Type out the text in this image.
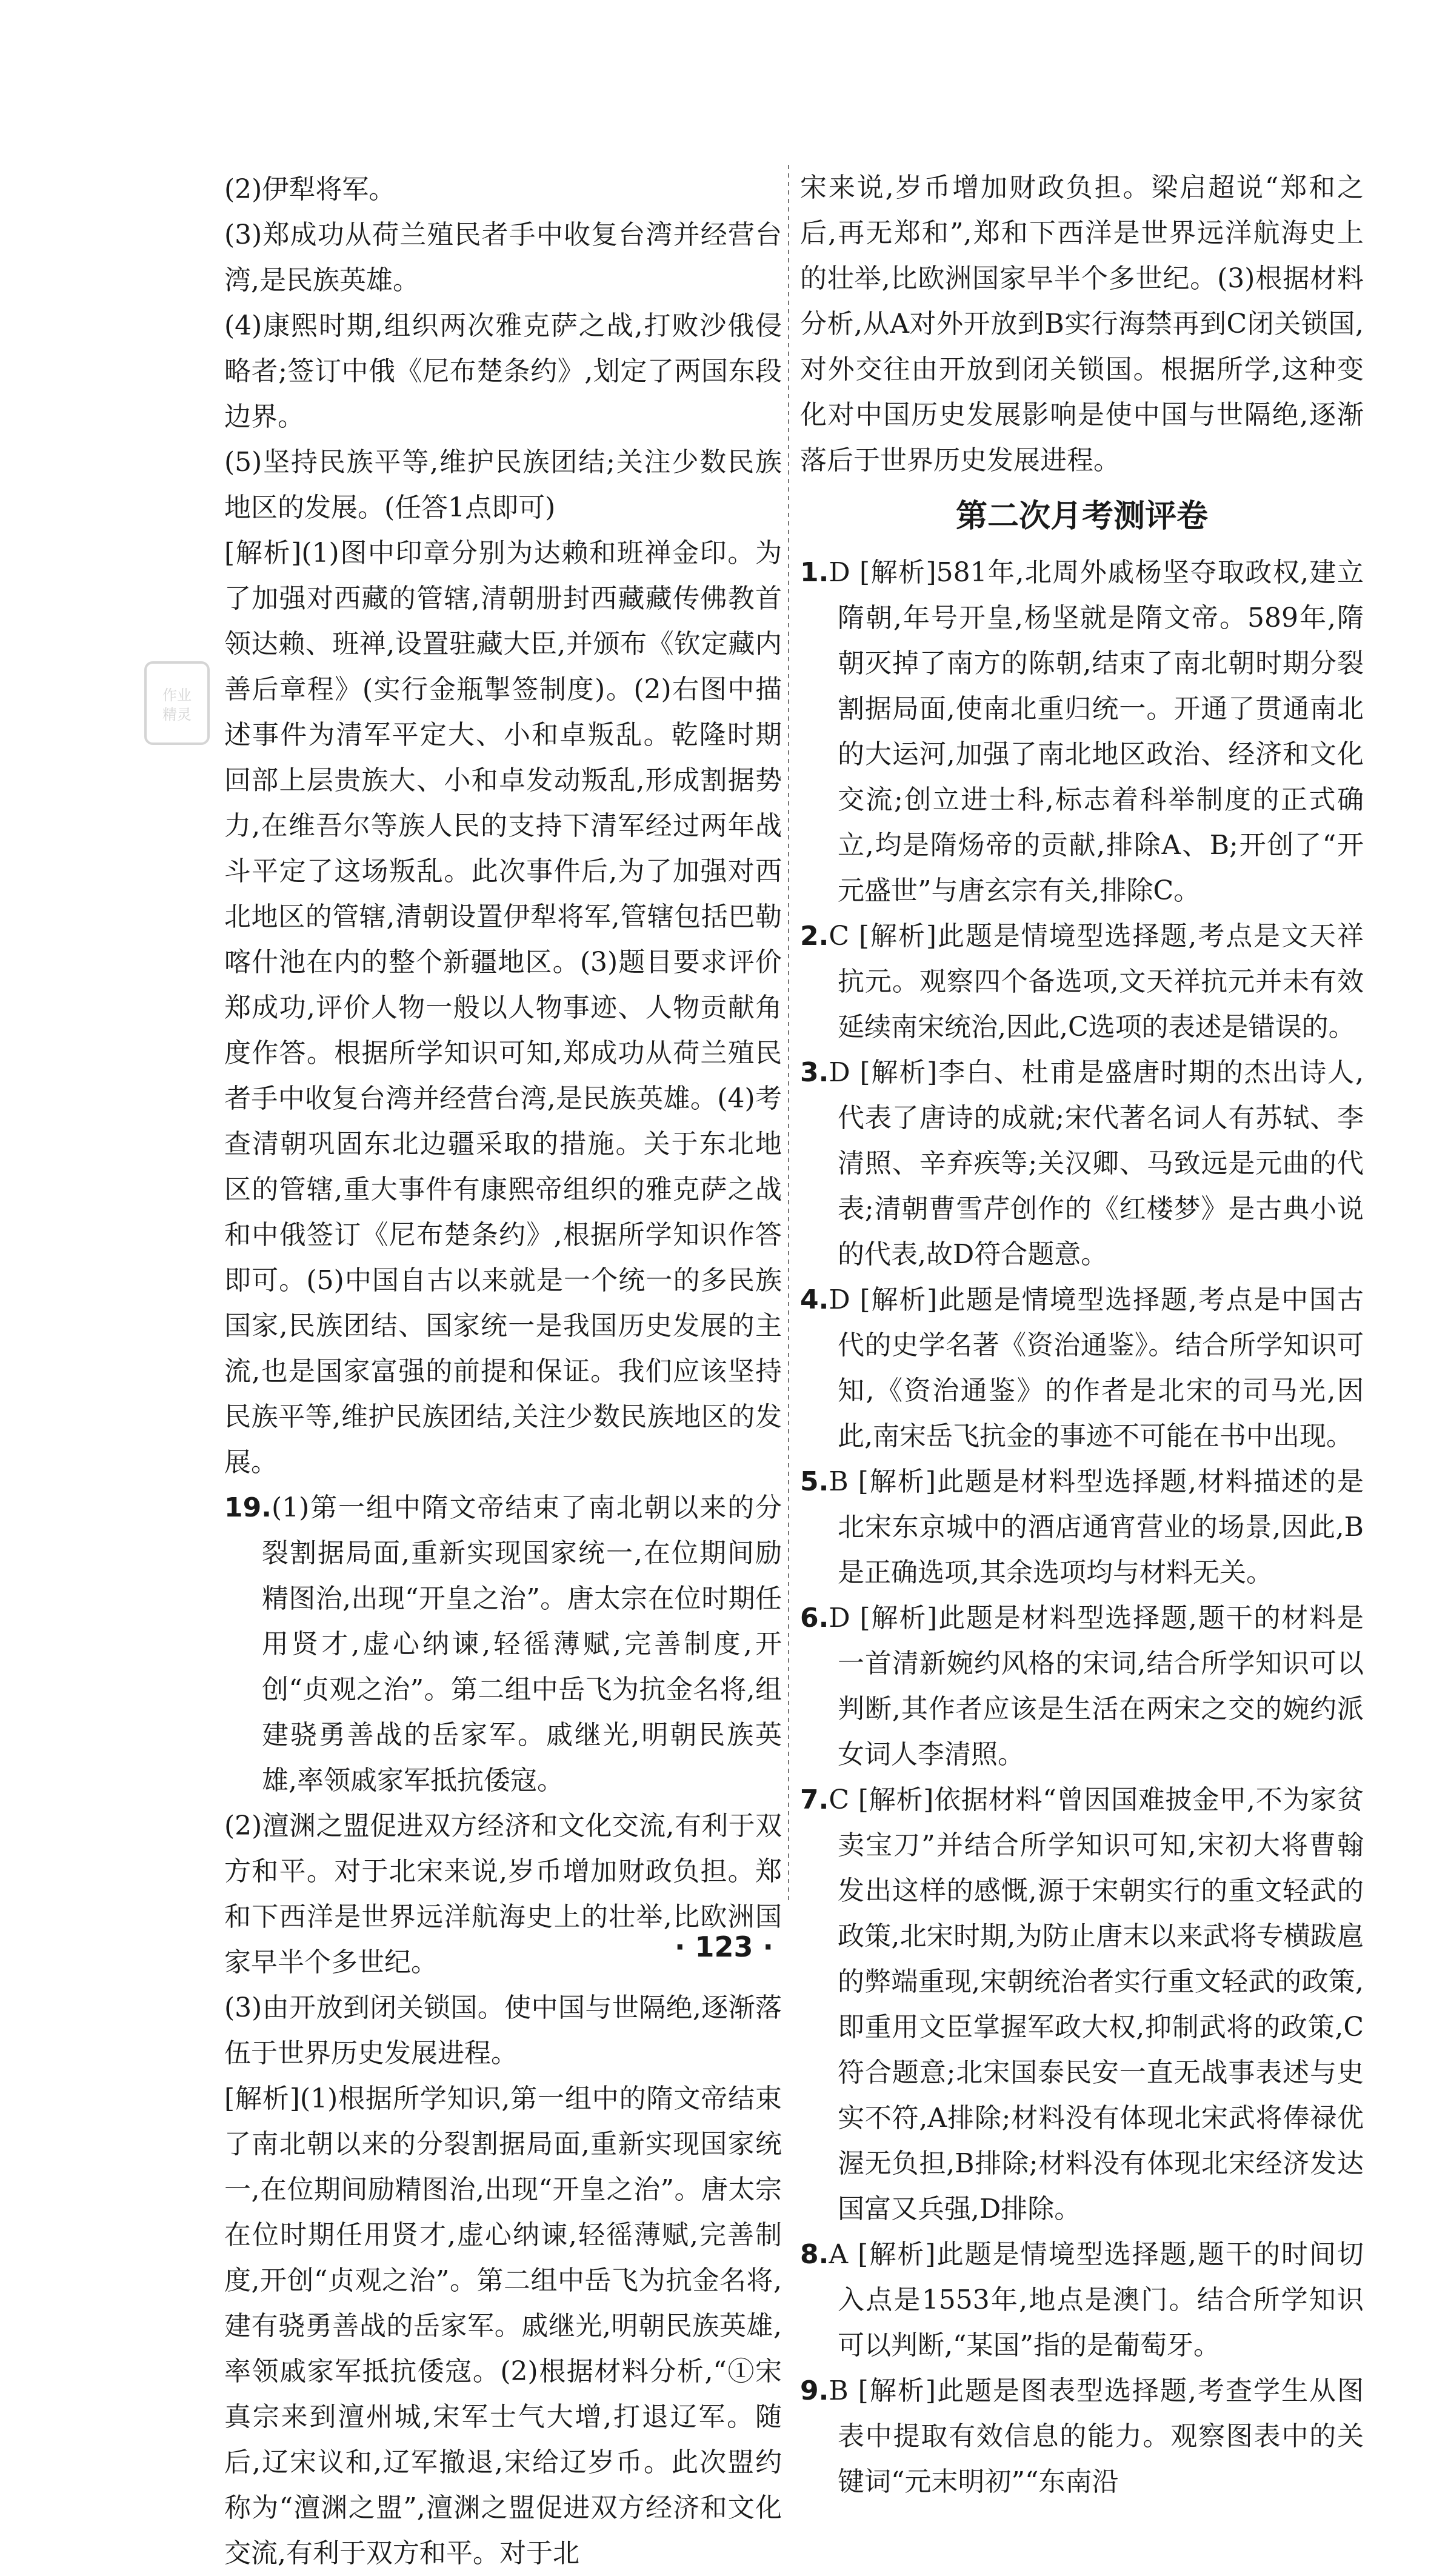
(2)伊犁将军。

(3)郑成功从荷兰殖民者手中收复台湾并经营台湾,是民族英雄。

(4)康熙时期,组织两次雅克萨之战,打败沙俄侵略者;签订中俄《尼布楚条约》,划定了两国东段边界。

(5)坚持民族平等,维护民族团结;关注少数民族地区的发展。(任答1点即可)

[解析](1)图中印章分别为达赖和班禅金印。为了加强对西藏的管辖,清朝册封西藏藏传佛教首领达赖、班禅,设置驻藏大臣,并颁布《钦定藏内善后章程》(实行金瓶掣签制度)。(2)右图中描述事件为清军平定大、小和卓叛乱。乾隆时期回部上层贵族大、小和卓发动叛乱,形成割据势力,在维吾尔等族人民的支持下清军经过两年战斗平定了这场叛乱。此次事件后,为了加强对西北地区的管辖,清朝设置伊犁将军,管辖包括巴勒喀什池在内的整个新疆地区。(3)题目要求评价郑成功,评价人物一般以人物事迹、人物贡献角度作答。根据所学知识可知,郑成功从荷兰殖民者手中收复台湾并经营台湾,是民族英雄。(4)考查清朝巩固东北边疆采取的措施。关于东北地区的管辖,重大事件有康熙帝组织的雅克萨之战和中俄签订《尼布楚条约》,根据所学知识作答即可。(5)中国自古以来就是一个统一的多民族国家,民族团结、国家统一是我国历史发展的主流,也是国家富强的前提和保证。我们应该坚持民族平等,维护民族团结,关注少数民族地区的发展。

19.(1)第一组中隋文帝结束了南北朝以来的分裂割据局面,重新实现国家统一,在位期间励精图治,出现“开皇之治”。唐太宗在位时期任用贤才,虚心纳谏,轻徭薄赋,完善制度,开创“贞观之治”。第二组中岳飞为抗金名将,组建骁勇善战的岳家军。戚继光,明朝民族英雄,率领戚家军抵抗倭寇。

(2)澶渊之盟促进双方经济和文化交流,有利于双方和平。对于北宋来说,岁币增加财政负担。郑和下西洋是世界远洋航海史上的壮举,比欧洲国家早半个多世纪。

(3)由开放到闭关锁国。使中国与世隔绝,逐渐落伍于世界历史发展进程。

[解析](1)根据所学知识,第一组中的隋文帝结束了南北朝以来的分裂割据局面,重新实现国家统一,在位期间励精图治,出现“开皇之治”。唐太宗在位时期任用贤才,虚心纳谏,轻徭薄赋,完善制度,开创“贞观之治”。第二组中岳飞为抗金名将,建有骁勇善战的岳家军。戚继光,明朝民族英雄,率领戚家军抵抗倭寇。(2)根据材料分析,“①宋真宗来到澶州城,宋军士气大增,打退辽军。随后,辽宋议和,辽军撤退,宋给辽岁币。此次盟约称为“澶渊之盟”,澶渊之盟促进双方经济和文化交流,有利于双方和平。对于北

宋来说,岁币增加财政负担。梁启超说“郑和之后,再无郑和”,郑和下西洋是世界远洋航海史上的壮举,比欧洲国家早半个多世纪。(3)根据材料分析,从A对外开放到B实行海禁再到C闭关锁国,对外交往由开放到闭关锁国。根据所学,这种变化对中国历史发展影响是使中国与世隔绝,逐渐落后于世界历史发展进程。

第二次月考测评卷

1.D [解析]581年,北周外戚杨坚夺取政权,建立隋朝,年号开皇,杨坚就是隋文帝。589年,隋朝灭掉了南方的陈朝,结束了南北朝时期分裂割据局面,使南北重归统一。开通了贯通南北的大运河,加强了南北地区政治、经济和文化交流;创立进士科,标志着科举制度的正式确立,均是隋炀帝的贡献,排除A、B;开创了“开元盛世”与唐玄宗有关,排除C。

2.C [解析]此题是情境型选择题,考点是文天祥抗元。观察四个备选项,文天祥抗元并未有效延续南宋统治,因此,C选项的表述是错误的。

3.D [解析]李白、杜甫是盛唐时期的杰出诗人,代表了唐诗的成就;宋代著名词人有苏轼、李清照、辛弃疾等;关汉卿、马致远是元曲的代表;清朝曹雪芹创作的《红楼梦》是古典小说的代表,故D符合题意。

4.D [解析]此题是情境型选择题,考点是中国古代的史学名著《资治通鉴》。结合所学知识可知,《资治通鉴》的作者是北宋的司马光,因此,南宋岳飞抗金的事迹不可能在书中出现。

5.B [解析]此题是材料型选择题,材料描述的是北宋东京城中的酒店通宵营业的场景,因此,B是正确选项,其余选项均与材料无关。

6.D [解析]此题是材料型选择题,题干的材料是一首清新婉约风格的宋词,结合所学知识可以判断,其作者应该是生活在两宋之交的婉约派女词人李清照。

7.C [解析]依据材料“曾因国难披金甲,不为家贫卖宝刀”并结合所学知识可知,宋初大将曹翰发出这样的感慨,源于宋朝实行的重文轻武的政策,北宋时期,为防止唐末以来武将专横跋扈的弊端重现,宋朝统治者实行重文轻武的政策,即重用文臣掌握军政大权,抑制武将的政策,C符合题意;北宋国泰民安一直无战事表述与史实不符,A排除;材料没有体现北宋武将俸禄优渥无负担,B排除;材料没有体现北宋经济发达国富又兵强,D排除。

8.A [解析]此题是情境型选择题,题干的时间切入点是1553年,地点是澳门。结合所学知识可以判断,“某国”指的是葡萄牙。

9.B [解析]此题是图表型选择题,考查学生从图表中提取有效信息的能力。观察图表中的关键词“元末明初”“东南沿

作业
精灵
· 123 ·
